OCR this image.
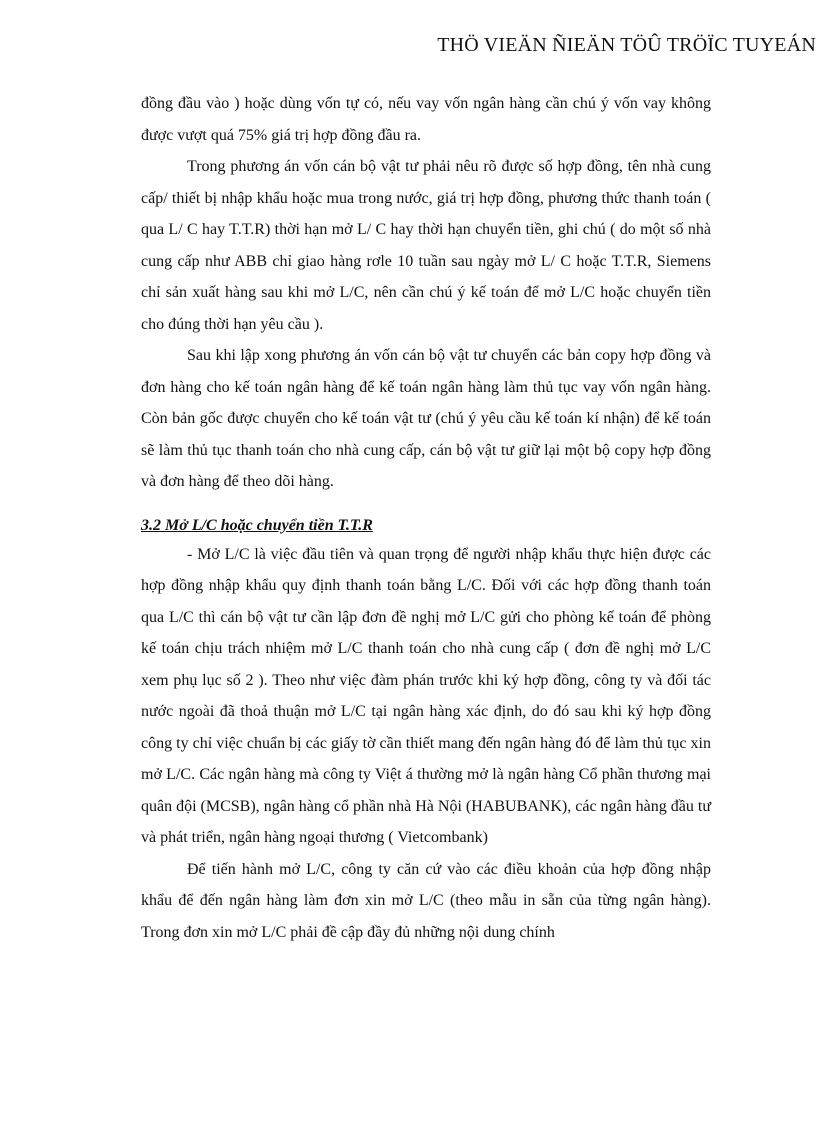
THÖ VIEÄN ÑIEÄN TÖÛ TRÖÏC TUYEÁN

đồng đầu vào ) hoặc dùng vốn tự có, nếu vay vốn ngân hàng cần chú ý vốn vay không được vượt quá 75% giá trị hợp đồng đầu ra.

Trong phương án vốn cán bộ vật tư phải nêu rõ được số hợp đồng, tên nhà cung cấp/ thiết bị nhập khẩu hoặc mua trong nước, giá trị hợp đồng, phương thức thanh toán ( qua L/ C hay T.T.R) thời hạn mở L/ C hay thời hạn chuyển tiền, ghi chú ( do một số nhà cung cấp như ABB chỉ giao hàng rơle 10 tuần sau ngày mở L/ C hoặc T.T.R, Siemens chỉ sản xuất hàng sau khi mở L/C, nên cần chú ý kế toán để mở L/C hoặc chuyển tiền cho đúng thời hạn yêu cầu ).

Sau khi lập xong phương án vốn cán bộ vật tư chuyển các bản copy hợp đồng và đơn hàng cho kế toán ngân hàng để kế toán ngân hàng làm thủ tục vay vốn ngân hàng. Còn bản gốc được chuyển cho kế toán vật tư (chú ý yêu cầu kế toán kí nhận) để kế toán sẽ làm thủ tục thanh toán cho nhà cung cấp, cán bộ vật tư giữ lại một bộ copy hợp đồng và đơn hàng để theo dõi hàng.

3.2 Mở L/C hoặc chuyển tiền T.T.R

- Mở L/C là việc đầu tiên và quan trọng để người nhập khẩu thực hiện được các hợp đồng nhập khẩu quy định thanh toán bằng L/C. Đối với các hợp đồng thanh toán qua L/C thì cán bộ vật tư cần lập đơn đề nghị mở L/C gửi cho phòng kế toán để phòng kế toán chịu trách nhiệm mở L/C thanh toán cho nhà cung cấp ( đơn đề nghị mở L/C xem phụ lục số 2 ). Theo như việc đàm phán trước khi ký hợp đồng, công ty và đối tác nước ngoài đã thoả thuận mở L/C tại ngân hàng xác định, do đó sau khi ký hợp đồng công ty chỉ việc chuẩn bị các giấy tờ cần thiết mang đến ngân hàng đó để làm thủ tục xin mở L/C. Các ngân hàng mà công ty Việt á thường mở là ngân hàng Cổ phần thương mại quân đội (MCSB), ngân hàng cổ phần nhà Hà Nội (HABUBANK), các ngân hàng đầu tư và phát triển, ngân hàng ngoại thương ( Vietcombank)

Để tiến hành mở L/C, công ty căn cứ vào các điều khoản của hợp đồng nhập khẩu để đến ngân hàng làm đơn xin mở L/C (theo mẫu in sẵn của từng ngân hàng). Trong đơn xin mở L/C phải đề cập đầy đủ những nội dung chính
